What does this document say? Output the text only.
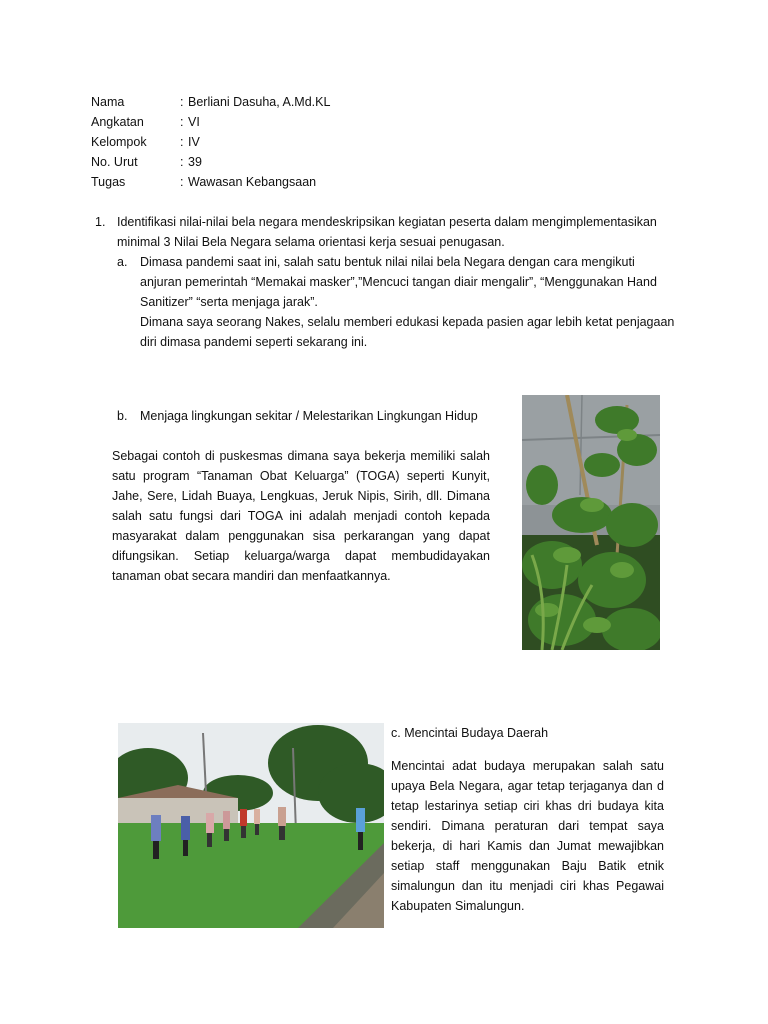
Nama	: Berliani Dasuha, A.Md.KL
Angkatan	: VI
Kelompok	: IV
No. Urut	: 39
Tugas	: Wawasan Kebangsaan
1. Identifikasi nilai-nilai bela negara mendeskripsikan kegiatan peserta dalam mengimplementasikan minimal 3 Nilai Bela Negara selama orientasi kerja sesuai penugasan.
a. Dimasa pandemi saat ini, salah satu bentuk nilai nilai bela Negara dengan cara mengikuti anjuran pemerintah “Memakai masker”,”Mencuci tangan diair mengalir”, “Menggunakan Hand Sanitizer” “serta menjaga jarak”.
Dimana saya seorang Nakes, selalu memberi edukasi kepada pasien agar lebih ketat penjagaan diri dimasa pandemi seperti sekarang ini.
b. Menjaga lingkungan sekitar / Melestarikan Lingkungan Hidup
Sebagai contoh di puskesmas dimana saya bekerja memiliki salah satu program “Tanaman Obat Keluarga” (TOGA) seperti Kunyit, Jahe, Sere, Lidah Buaya, Lengkuas, Jeruk Nipis, Sirih, dll. Dimana salah satu fungsi dari TOGA ini adalah menjadi contoh kepada masyarakat dalam penggunakan sisa perkarangan yang dapat difungsikan. Setiap keluarga/warga dapat membudidayakan tanaman obat secara mandiri dan menfaatkannya.
c. Mencintai Budaya Daerah
Mencintai adat budaya merupakan salah satu upaya Bela Negara, agar tetap terjaganya dan d tetap lestarinya setiap ciri khas dri budaya kita sendiri. Dimana peraturan dari tempat saya bekerja, di hari Kamis dan Jumat mewajibkan setiap staff menggunakan Baju Batik etnik simalungun dan itu menjadi ciri khas Pegawai Kabupaten Simalungun.
